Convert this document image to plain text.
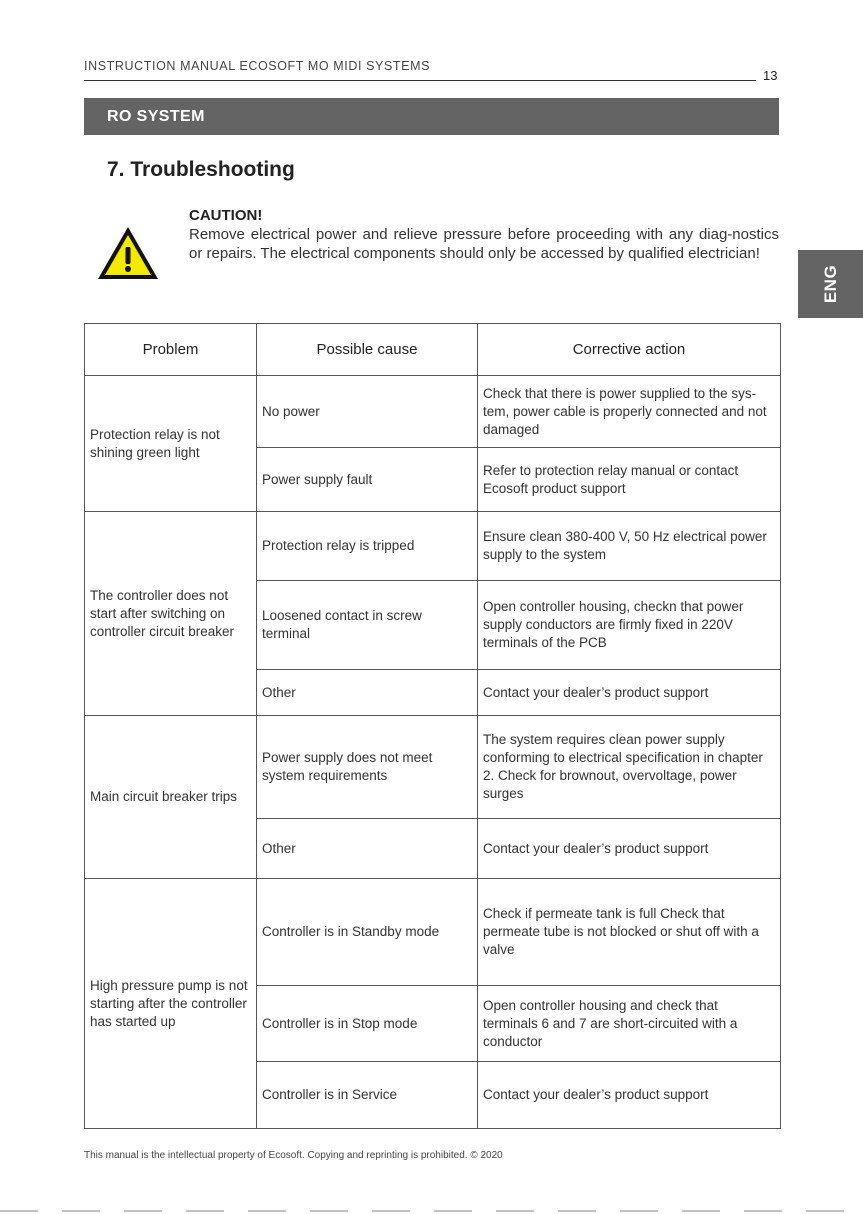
INSTRUCTION MANUAL ECOSOFT MO MIDI SYSTEMS
13
RO SYSTEM
ENG
7. Troubleshooting
CAUTION!
Remove electrical power and relieve pressure before proceeding with any diag-nostics or repairs. The electrical components should only be accessed by qualified electrician!
Problem	Possible cause	Corrective action
Protection relay is not shining green light	No power	Check that there is power supplied to the sys-tem, power cable is properly connected and not damaged
	Power supply fault	Refer to protection relay manual or contact Ecosoft product support
The controller does not start after switching on controller circuit breaker	Protection relay is tripped	Ensure clean 380-400 V, 50 Hz electrical power supply to the system
	Loosened contact in screw terminal	Open controller housing, checkn that power supply conductors are firmly fixed in 220V terminals of the PCB
	Other	Contact your dealer’s product support
Main circuit breaker trips	Power supply does not meet system requirements	The system requires clean power supply conforming to electrical specification in chapter 2. Check for brownout, overvoltage, power surges
	Other	Contact your dealer’s product support
High pressure pump is not starting after the controller has started up	Controller is in Standby mode	Check if permeate tank is full Check that permeate tube is not blocked or shut off with a valve
	Controller is in Stop mode	Open controller housing and check that terminals 6 and 7 are short-circuited with a conductor
	Controller is in Service	Contact your dealer’s product support
This manual is the intellectual property of Ecosoft. Copying and reprinting is prohibited. © 2020
